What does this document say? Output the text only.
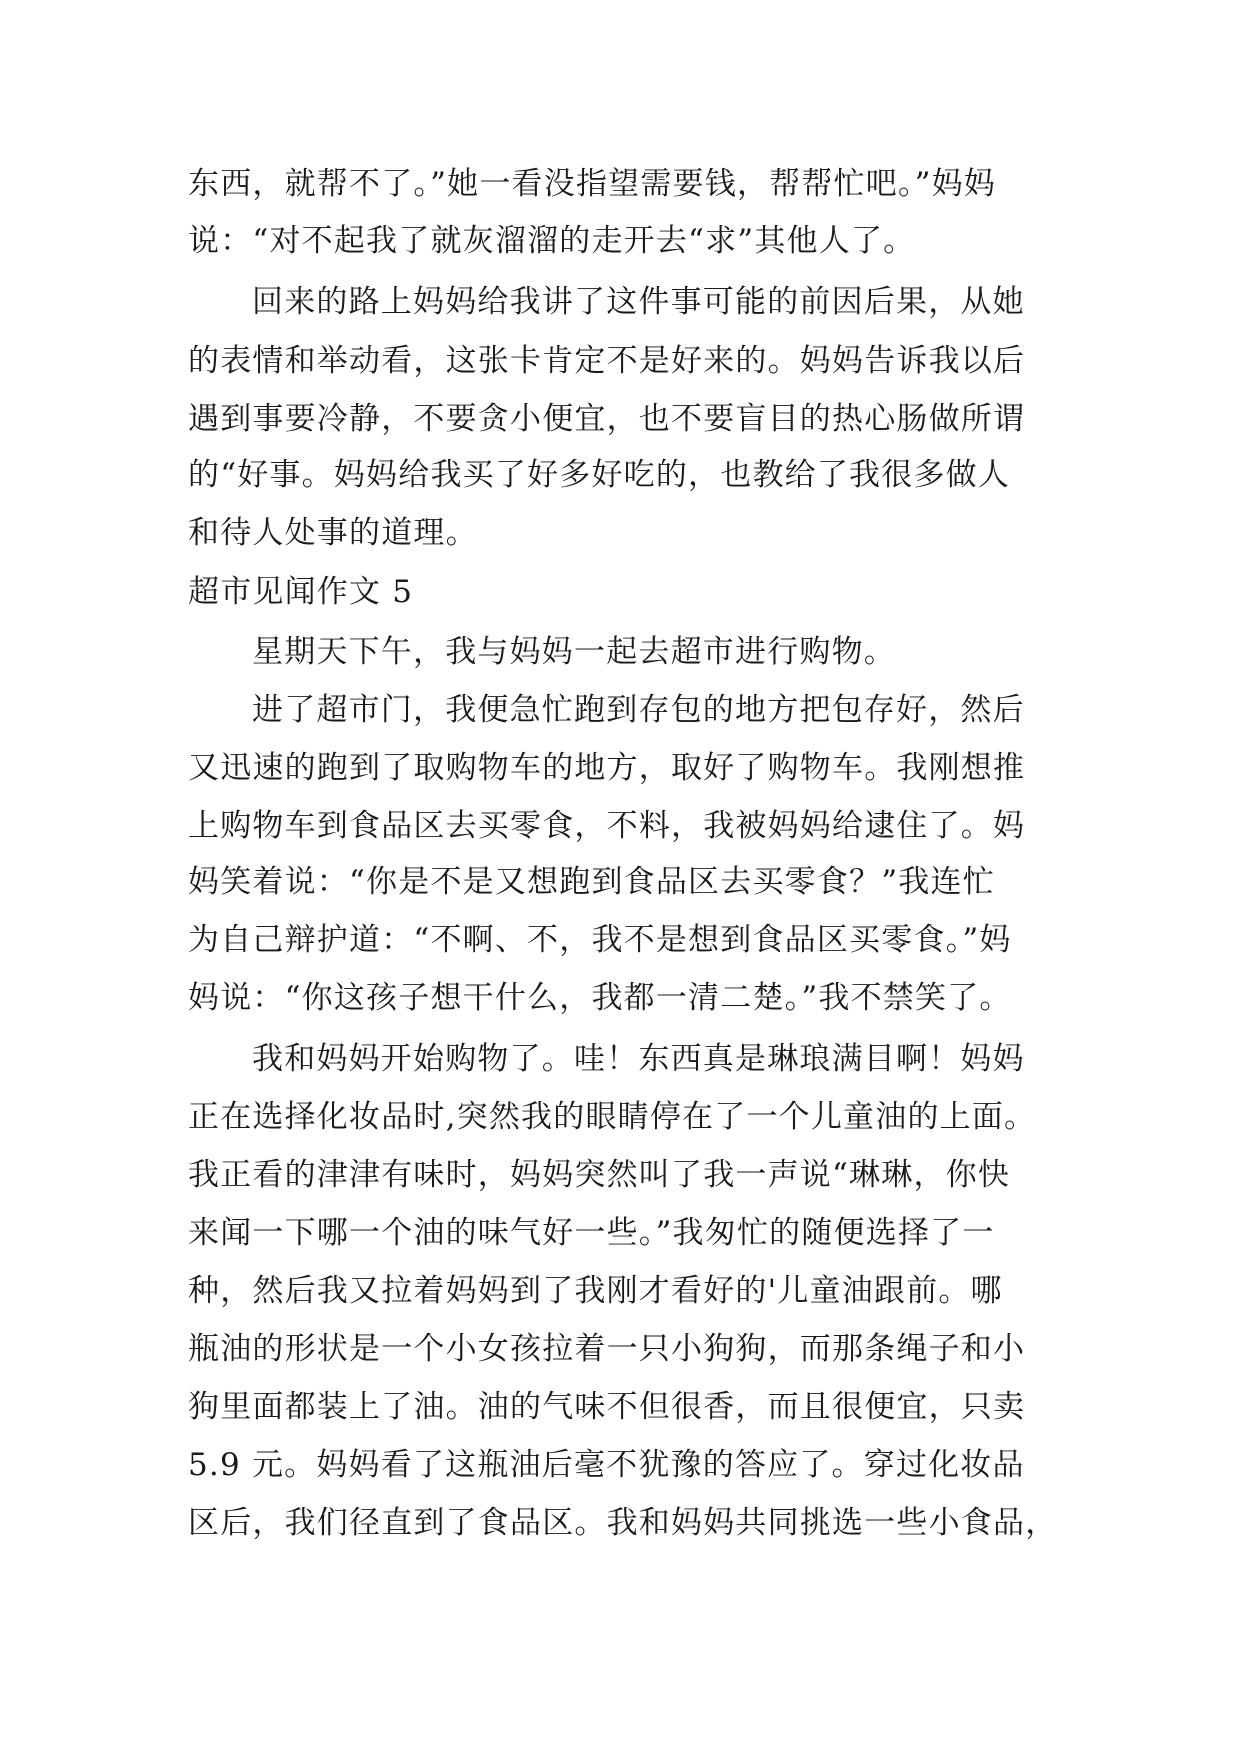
东西，就帮不了。”她一看没指望需要钱，帮帮忙吧。”妈妈
说：“对不起我了就灰溜溜的走开去“求”其他人了。
回来的路上妈妈给我讲了这件事可能的前因后果，从她
的表情和举动看，这张卡肯定不是好来的。妈妈告诉我以后
遇到事要冷静，不要贪小便宜，也不要盲目的热心肠做所谓
的“好事。妈妈给我买了好多好吃的，也教给了我很多做人
和待人处事的道理。
超市见闻作文 5
星期天下午，我与妈妈一起去超市进行购物。
进了超市门，我便急忙跑到存包的地方把包存好，然后
又迅速的跑到了取购物车的地方，取好了购物车。我刚想推
上购物车到食品区去买零食，不料，我被妈妈给逮住了。妈
妈笑着说：“你是不是又想跑到食品区去买零食？”我连忙
为自己辩护道：“不啊、不，我不是想到食品区买零食。”妈
妈说：“你这孩子想干什么，我都一清二楚。”我不禁笑了。
我和妈妈开始购物了。哇！东西真是琳琅满目啊！妈妈
正在选择化妆品时,突然我的眼睛停在了一个儿童油的上面。
我正看的津津有味时，妈妈突然叫了我一声说“琳琳，你快
来闻一下哪一个油的味气好一些。”我匆忙的随便选择了一
种，然后我又拉着妈妈到了我刚才看好的'儿童油跟前。哪
瓶油的形状是一个小女孩拉着一只小狗狗，而那条绳子和小
狗里面都装上了油。油的气味不但很香，而且很便宜，只卖
5.9 元。妈妈看了这瓶油后毫不犹豫的答应了。穿过化妆品
区后，我们径直到了食品区。我和妈妈共同挑选一些小食品，
